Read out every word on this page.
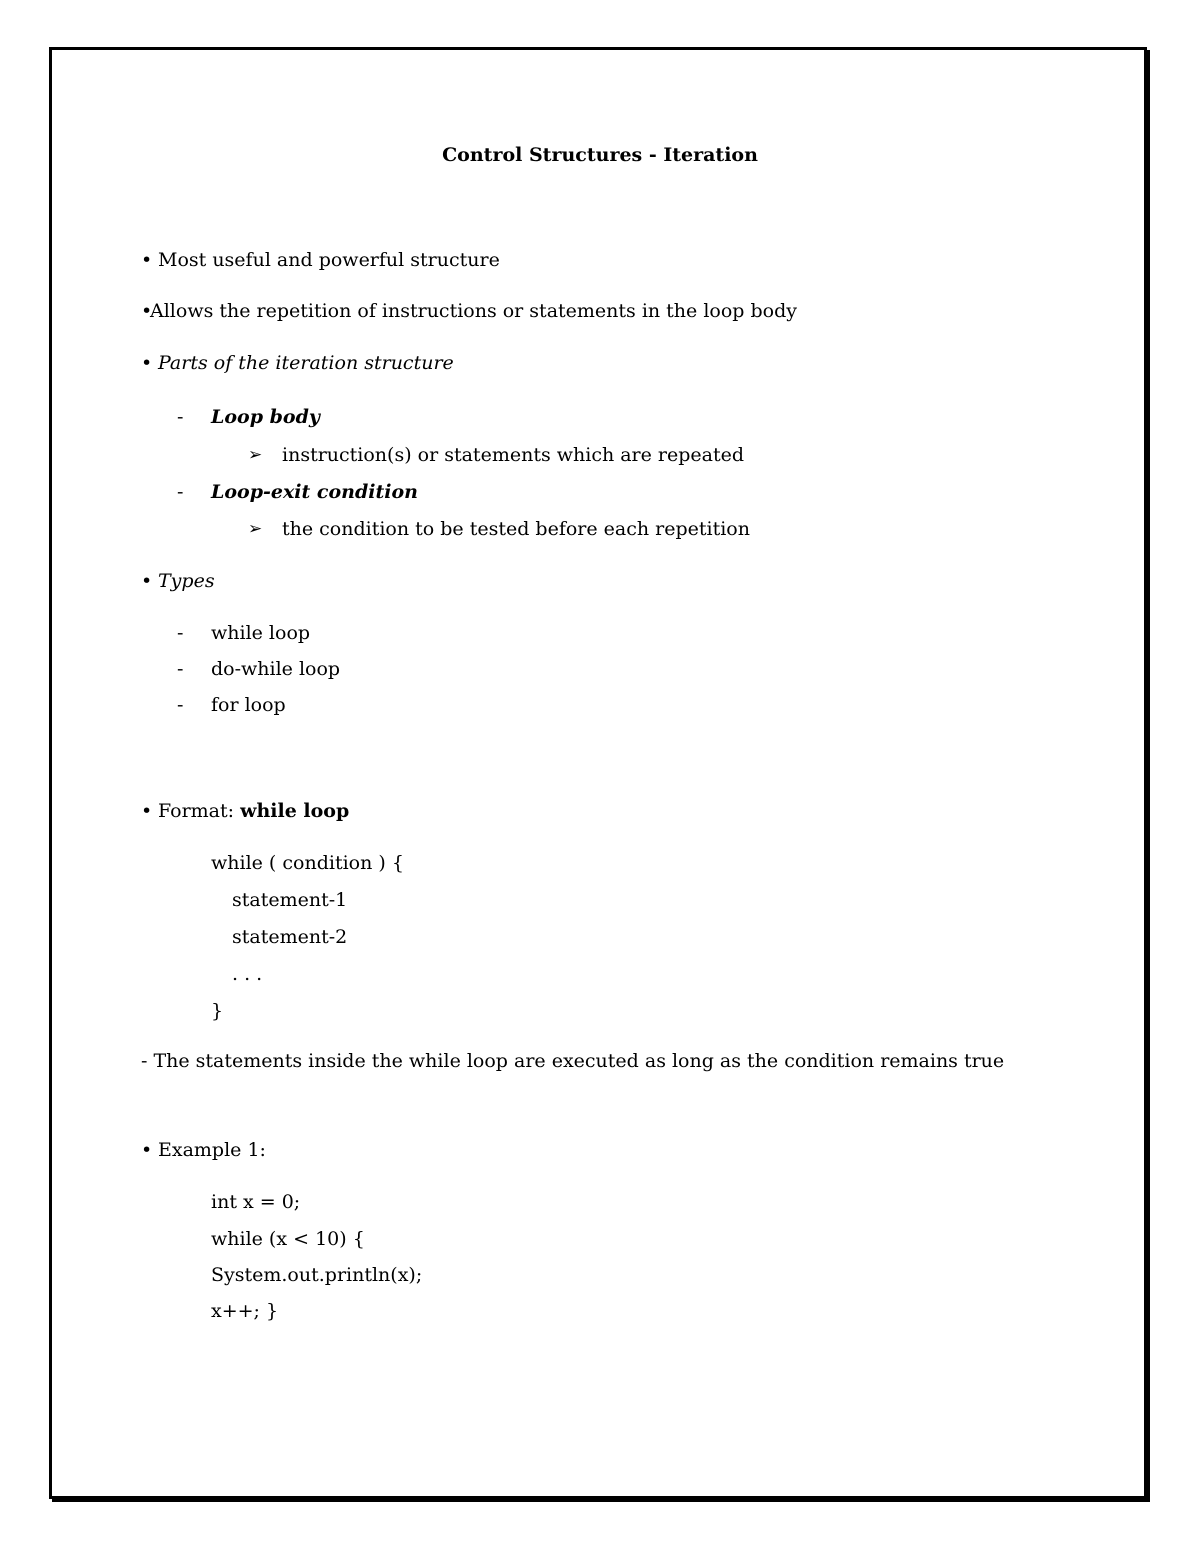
Control Structures - Iteration
• Most useful and powerful structure
•
Allows the repetition of instructions or statements in the loop body
• Parts of the iteration structure
- Loop body
➢ instruction(s) or statements which are repeated
- Loop-exit condition
➢ the condition to be tested before each repetition
• Types
- while loop
- do-while loop
- for loop
• Format: while loop
while ( condition ) {
statement-1
statement-2
. . .
}
- The statements inside the while loop are executed as long as the condition remains true
• Example 1:
int x = 0;
while (x < 10) {
System.out.println(x);
x++; }
